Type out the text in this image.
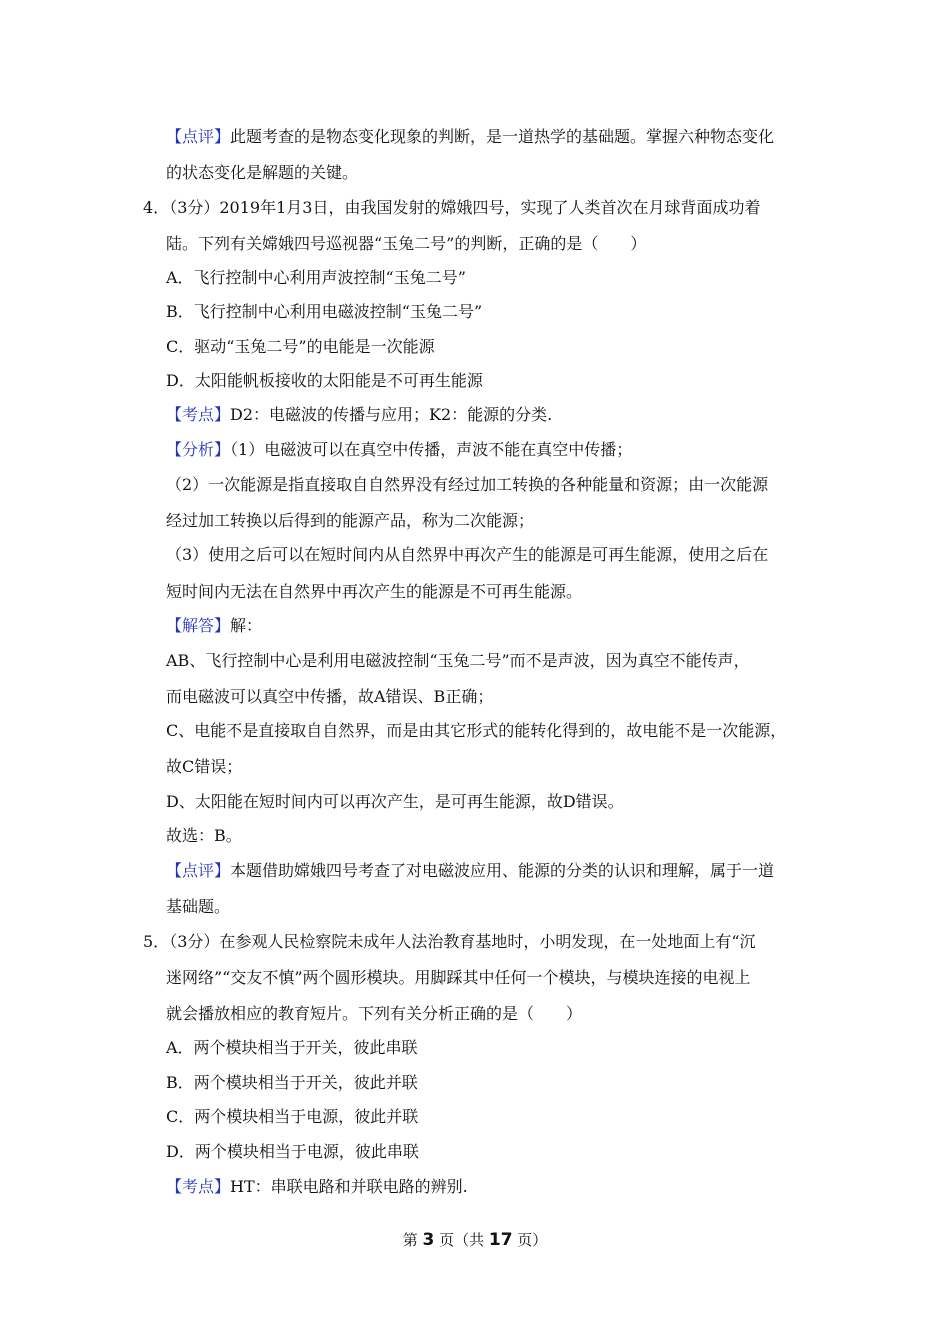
【点评】此题考查的是物态变化现象的判断，是一道热学的基础题。掌握六种物态变化
的状态变化是解题的关键。
4．（3分）2019年1月3日，由我国发射的嫦娥四号，实现了人类首次在月球背面成功着
陆。下列有关嫦娥四号巡视器“玉兔二号”的判断，正确的是（　　）
A．飞行控制中心利用声波控制“玉兔二号”
B．飞行控制中心利用电磁波控制“玉兔二号”
C．驱动“玉兔二号”的电能是一次能源
D．太阳能帆板接收的太阳能是不可再生能源
【考点】D2：电磁波的传播与应用；K2：能源的分类.
【分析】（1）电磁波可以在真空中传播，声波不能在真空中传播；
（2）一次能源是指直接取自自然界没有经过加工转换的各种能量和资源；由一次能源
经过加工转换以后得到的能源产品，称为二次能源；
（3）使用之后可以在短时间内从自然界中再次产生的能源是可再生能源，使用之后在
短时间内无法在自然界中再次产生的能源是不可再生能源。
【解答】解：
AB、飞行控制中心是利用电磁波控制“玉兔二号”而不是声波，因为真空不能传声，
而电磁波可以真空中传播，故A错误、B正确；
C、电能不是直接取自自然界，而是由其它形式的能转化得到的，故电能不是一次能源，
故C错误；
D、太阳能在短时间内可以再次产生，是可再生能源，故D错误。
故选：B。
【点评】本题借助嫦娥四号考查了对电磁波应用、能源的分类的认识和理解，属于一道
基础题。
5．（3分）在参观人民检察院未成年人法治教育基地时，小明发现，在一处地面上有“沉
迷网络”“交友不慎”两个圆形模块。用脚踩其中任何一个模块，与模块连接的电视上
就会播放相应的教育短片。下列有关分析正确的是（　　）
A．两个模块相当于开关，彼此串联
B．两个模块相当于开关，彼此并联
C．两个模块相当于电源，彼此并联
D．两个模块相当于电源，彼此串联
【考点】HT：串联电路和并联电路的辨别.
第 3 页（共 17 页）
